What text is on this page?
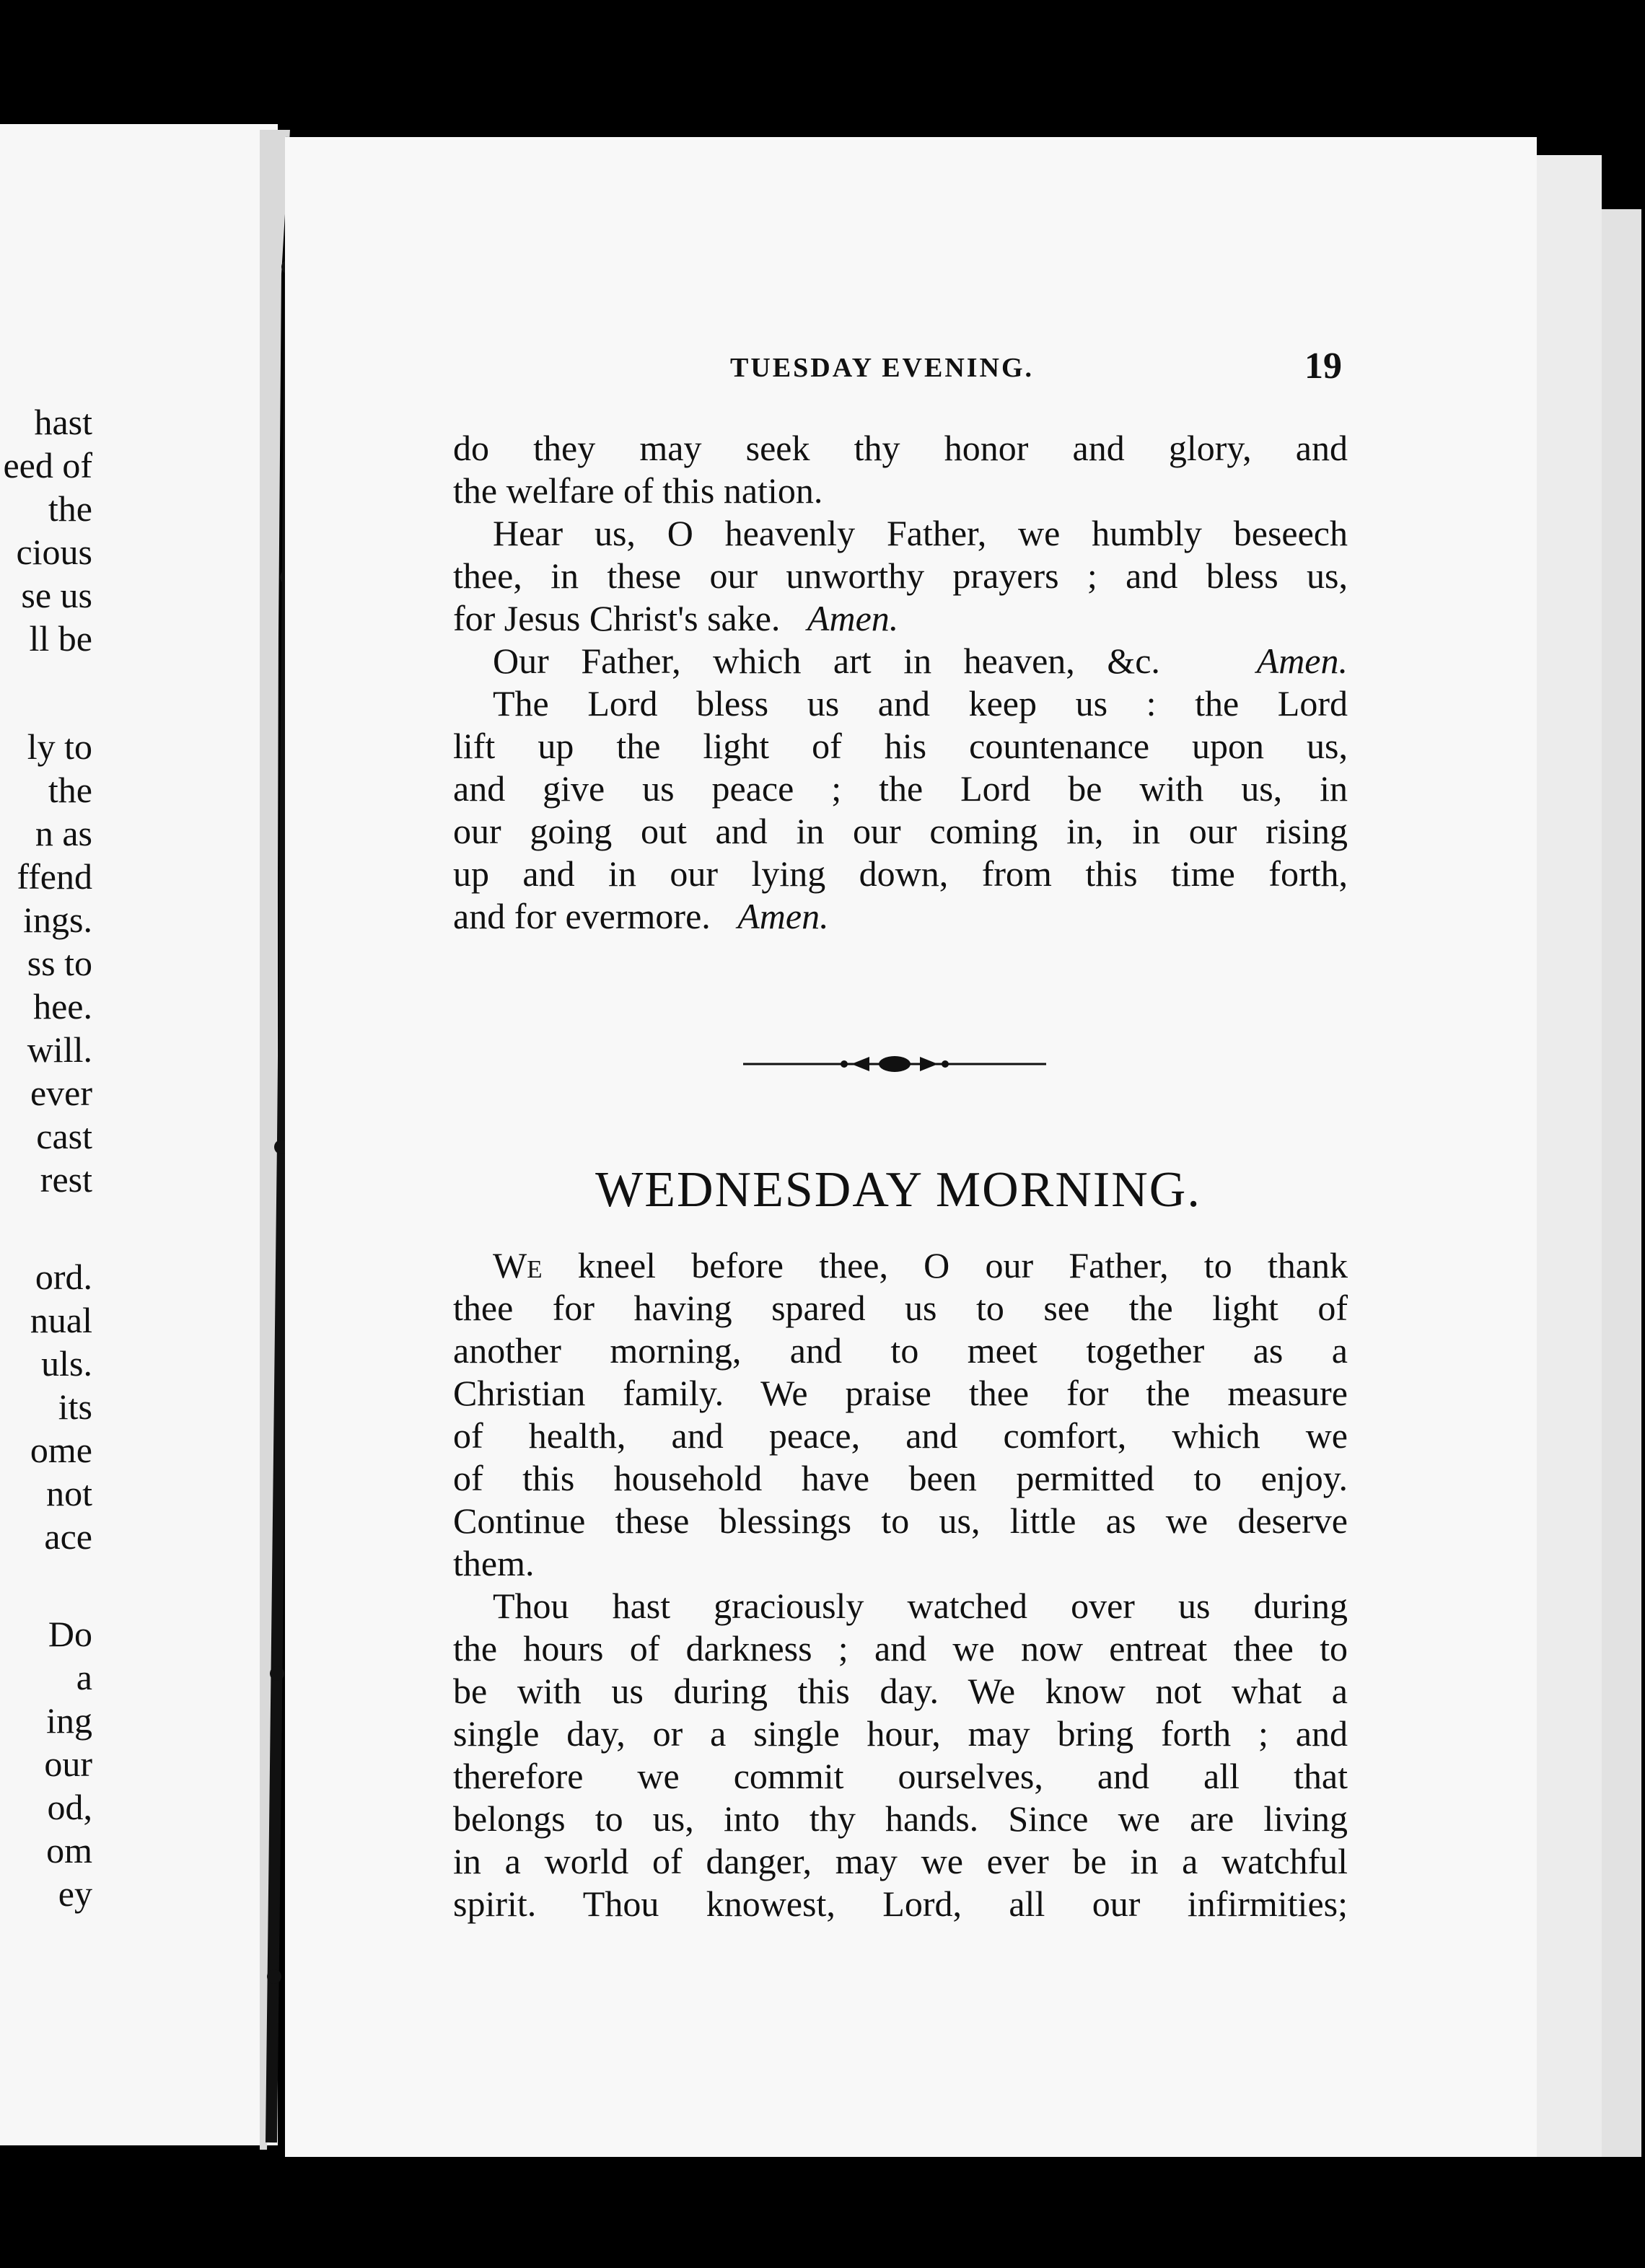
hast
eed of
the
cious
se us
ll be
ly to
the
n as
ffend
ings.
ss to
hee.
will.
ever
cast
rest
ord.
nual
uls.
its
ome
not
ace
Do
a
ing
our
od,
om
ey
TUESDAY EVENING.	19
do they may seek thy honor and glory, and
the welfare of this nation.
Hear us, O heavenly Father, we humbly beseech
thee, in these our unworthy prayers ; and bless us,
for Jesus Christ's sake. Amen.
Our Father, which art in heaven, &c.	Amen.
The Lord bless us and keep us : the Lord
lift up the light of his countenance upon us,
and give us peace ; the Lord be with us, in
our going out and in our coming in, in our rising
up and in our lying down, from this time forth,
and for evermore. Amen.
WEDNESDAY MORNING.
We kneel before thee, O our Father, to thank
thee for having spared us to see the light of
another morning, and to meet together as a
Christian family. We praise thee for the measure
of health, and peace, and comfort, which we
of this household have been permitted to enjoy.
Continue these blessings to us, little as we deserve
them.
Thou hast graciously watched over us during
the hours of darkness ; and we now entreat thee to
be with us during this day. We know not what a
single day, or a single hour, may bring forth ; and
therefore we commit ourselves, and all that
belongs to us, into thy hands. Since we are living
in a world of danger, may we ever be in a watchful
spirit. Thou knowest, Lord, all our infirmities;
